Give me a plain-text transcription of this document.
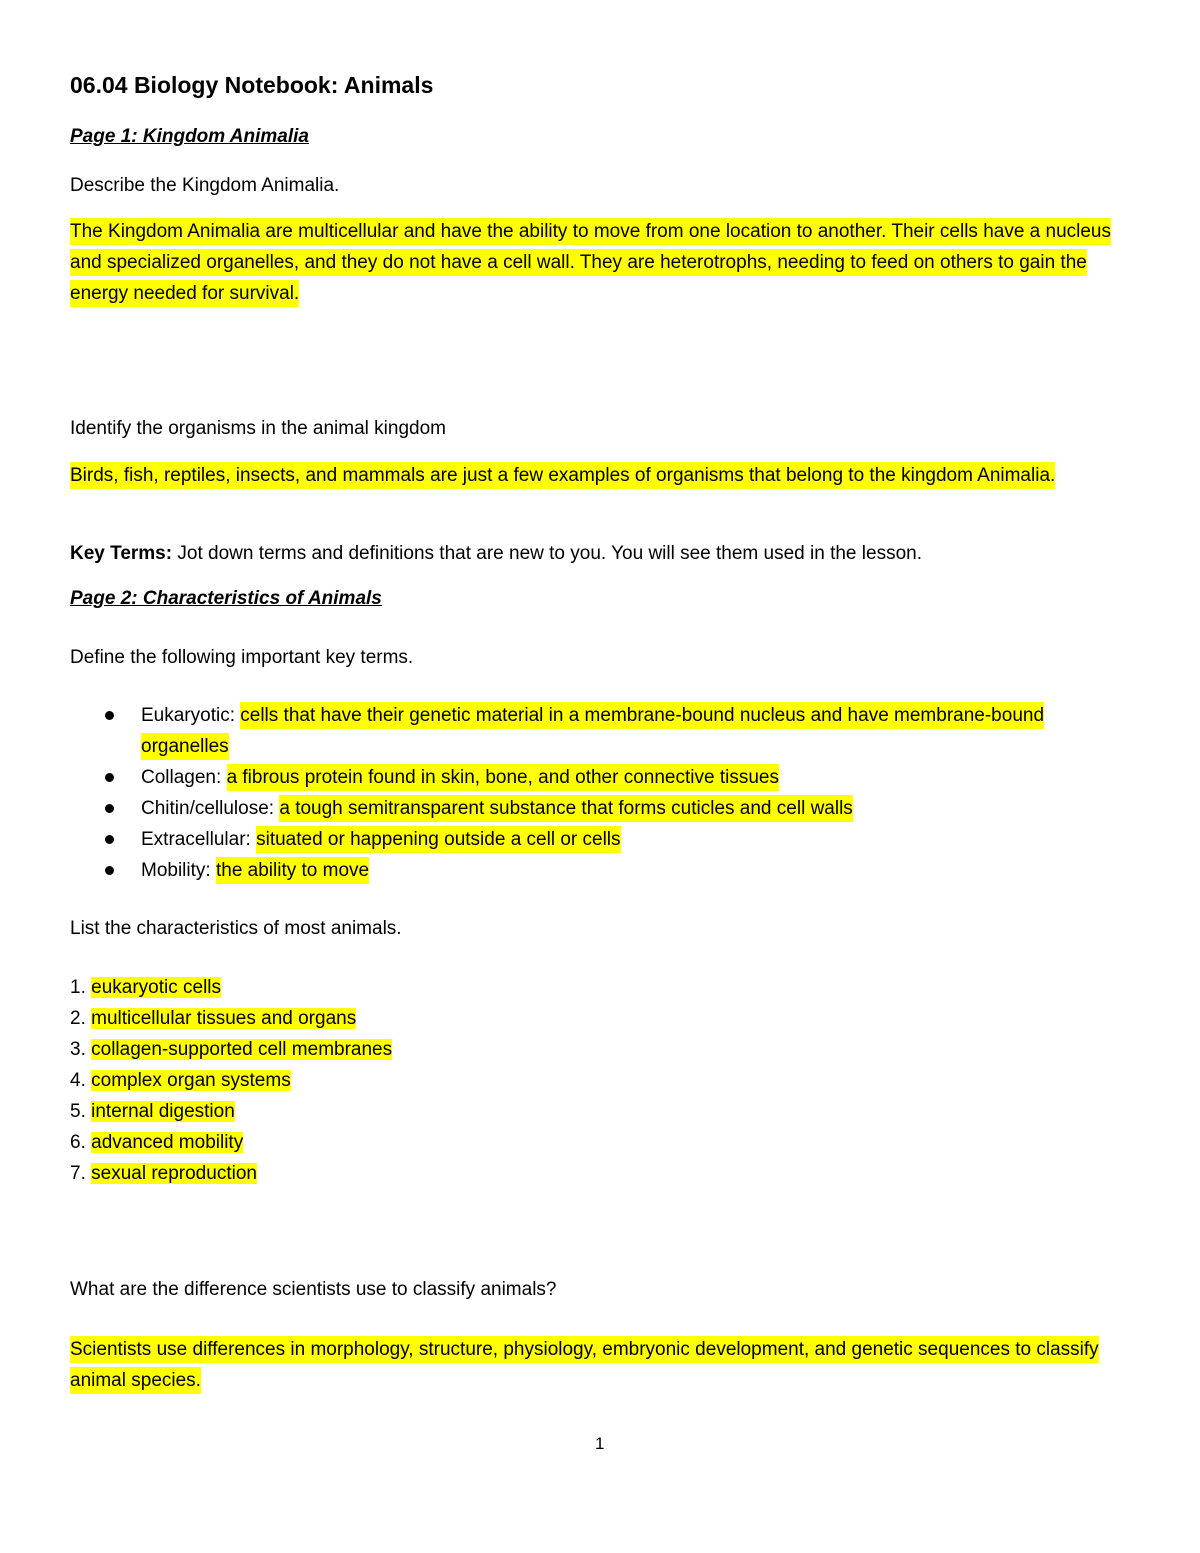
06.04 Biology Notebook: Animals
Page 1: Kingdom Animalia

Describe the Kingdom Animalia.

The Kingdom Animalia are multicellular and have the ability to move from one location to another. Their cells have a nucleus and specialized organelles, and they do not have a cell wall. They are heterotrophs, needing to feed on others to gain the energy needed for survival.

Identify the organisms in the animal kingdom

Birds, fish, reptiles, insects, and mammals are just a few examples of organisms that belong to the kingdom Animalia.

Key Terms: Jot down terms and definitions that are new to you. You will see them used in the lesson.

Page 2: Characteristics of Animals

Define the following important key terms.

Eukaryotic: cells that have their genetic material in a membrane-bound nucleus and have membrane-bound organelles
Collagen: a fibrous protein found in skin, bone, and other connective tissues
Chitin/cellulose: a tough semitransparent substance that forms cuticles and cell walls
Extracellular: situated or happening outside a cell or cells
Mobility: the ability to move

List the characteristics of most animals.

1. eukaryotic cells
2. multicellular tissues and organs
3. collagen-supported cell membranes
4. complex organ systems
5. internal digestion
6. advanced mobility
7. sexual reproduction

What are the difference scientists use to classify animals?

Scientists use differences in morphology, structure, physiology, embryonic development, and genetic sequences to classify animal species.

1
